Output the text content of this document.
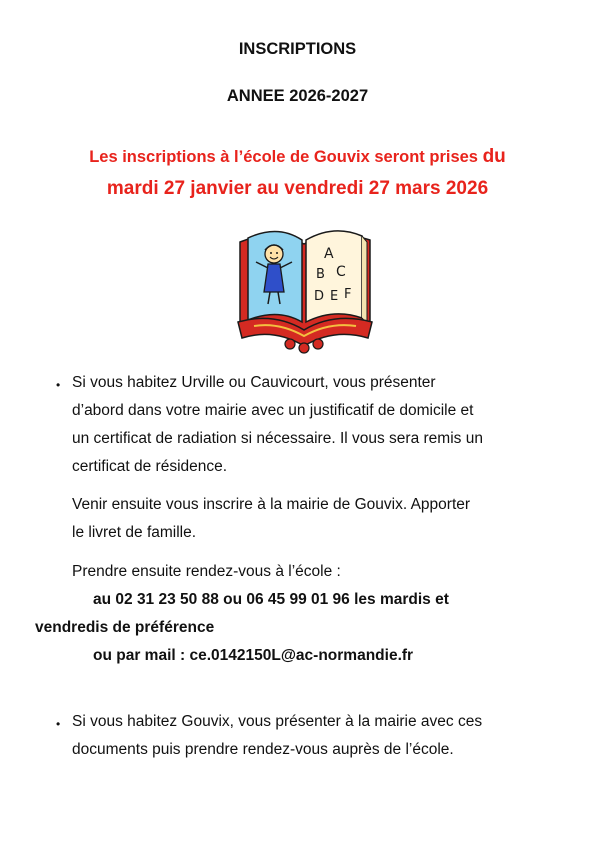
INSCRIPTIONS
ANNEE 2026-2027
Les inscriptions à l’école de Gouvix seront prises du
mardi 27 janvier au vendredi 27 mars 2026
A
B C
D E F
• Si vous habitez Urville ou Cauvicourt, vous présenter
d’abord dans votre mairie avec un justificatif de domicile et
un certificat de radiation si nécessaire. Il vous sera remis un
certificat de résidence.
Venir ensuite vous inscrire à la mairie de Gouvix. Apporter
le livret de famille.
Prendre ensuite rendez-vous à l’école :
au 02 31 23 50 88 ou 06 45 99 01 96 les mardis et
vendredis de préférence
ou par mail : ce.0142150L@ac-normandie.fr
• Si vous habitez Gouvix, vous présenter à la mairie avec ces
documents puis prendre rendez-vous auprès de l’école.
